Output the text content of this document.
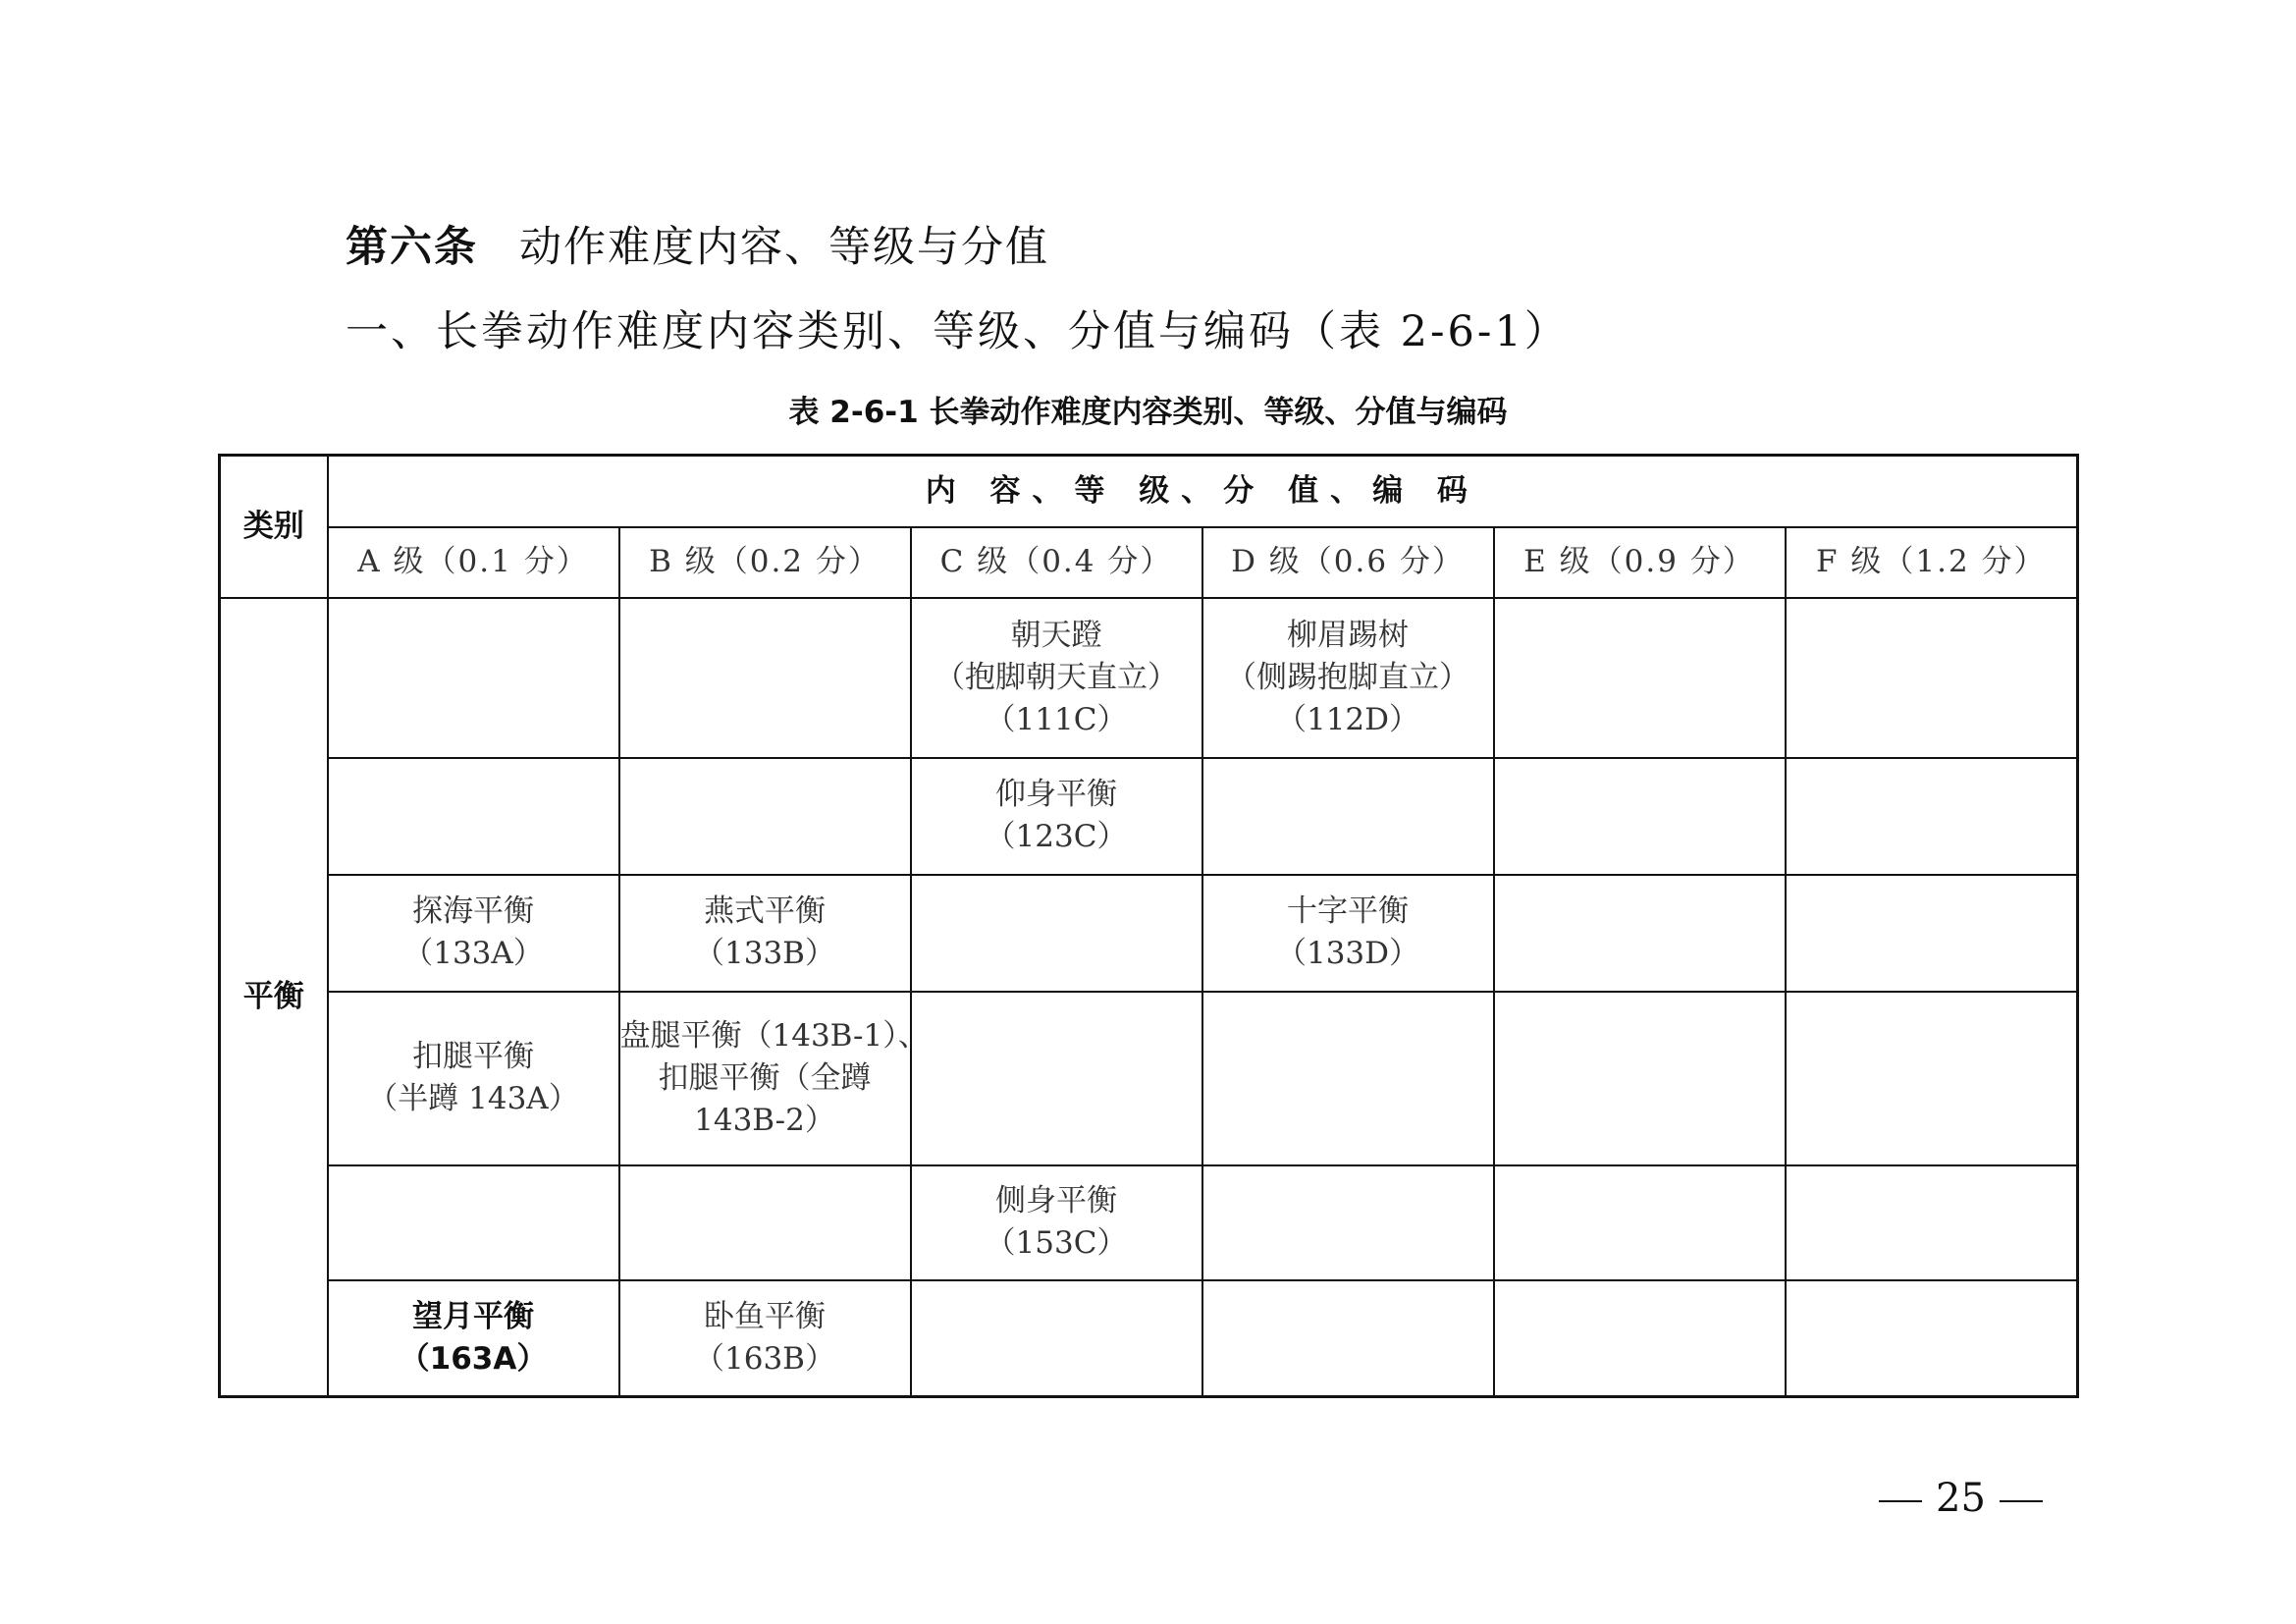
第六条 动作难度内容、等级与分值
一、长拳动作难度内容类别、等级、分值与编码（表 2-6-1）
表 2-6-1 长拳动作难度内容类别、等级、分值与编码
类别	内 容、等 级、分 值、编 码					
	A 级（0.1 分）	B 级（0.2 分）	C 级（0.4 分）	D 级（0.6 分）	E 级（0.9 分）	F 级（1.2 分）
平衡			朝天蹬
（抱脚朝天直立）
（111C）	柳眉踢树
（侧踢抱脚直立）
（112D）		

			仰身平衡
（123C）			

	探海平衡
（133A）	燕式平衡
（133B）		十字平衡
（133D）		

	扣腿平衡
（半蹲 143A）	盘腿平衡（143B-1）、
扣腿平衡（全蹲
143B-2）				

			侧身平衡
（153C）			

	望月平衡
（163A）	卧鱼平衡
（163B）				

25
